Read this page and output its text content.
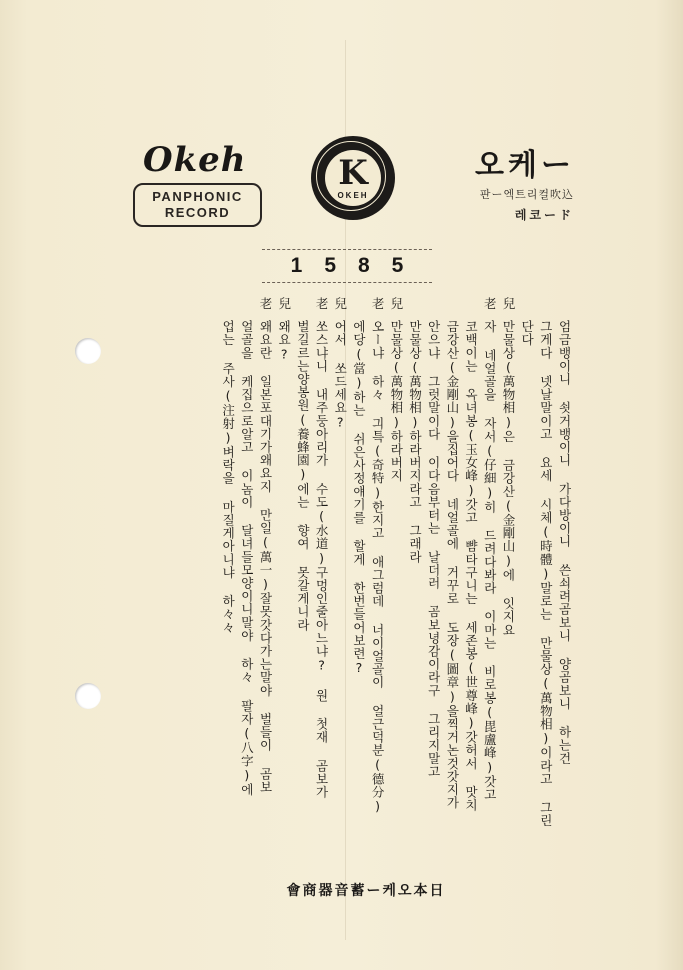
Okeh
PANPHONIC
RECORD
K
OKEH
오케ー
판ー엑트리컬吹込
레코ード
1585
엄금뱅이니 쇳거뱅이니 가다방이니 쓴쇠려곰보니 양곰보니 하는건
그게다 넷날말이고 요세 시체(時體)말로는 만물상(萬物相)이라고 그린
단다
兒만물상(萬物相)은 금강산(金剛山)에 잇지요
老자 네얼골을 자서(仔細)히 드려다봐라 이마는 비로봉(毘盧峰)갓고
코백이는 옥녀봉(玉女峰)갓고 뺨타구니는 세존봉(世尊峰)갓허서 맛치
금강산(金剛山)을집어다 네얼골에 거꾸로 도장(圖章)을찍거논것갓지가
안으냐 그럿말이다 이다음부터는 날더러 곰보녕감이라구 그리지말고
만물상(萬物相)하라버지라고 그래라
兒만물상(萬物相)하라버지
老오ー냐 하々 긔특(奇特)한지고 애그럼데 너이얼골이 얼근덕분(德分)
에당(當)하는 쉬은사정얘기를 할게 한번들어보련?
兒어서 쏘드세요?
老쏘스냐니 내주둥아리가 수도(水道)구멍인줄아느냐? 원 첫재 곰보가
벌길르는양봉원(養蜂園)에는 향여 못갈게니라
兒왜요?
老왜요란 일본포대기가왜요지 만일(萬一)잘못갓다가는말야 벌들이 곰보
얼골을 케집으로알고 이놈이 달녀들모양이니말야 하々 팔자(八字)에
업는 주사(注射)벼락을 마질게아니냐 하々々
日本오케ー蓄音器商會
